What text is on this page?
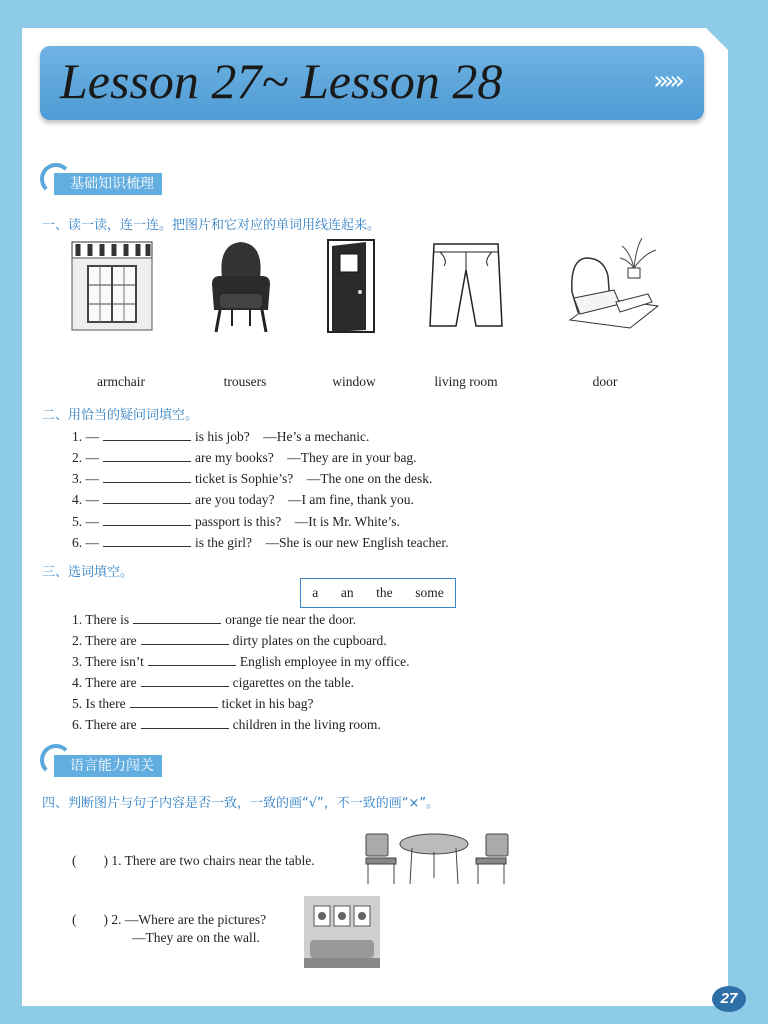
Lesson 27~ Lesson 28	›››››
基础知识梳理
一、读一读，连一连。把图片和它对应的单词用线连起来。
armchair	trousers	window	living room	door
二、用恰当的疑问词填空。
1. —	is his job?　—He’s a mechanic.
2. —	are my books?　—They are in your bag.
3. —	ticket is Sophie’s?　—The one on the desk.
4. —	are you today?　—I am fine, thank you.
5. —	passport is this?　—It is Mr. White’s.
6. —	is the girl?　—She is our new English teacher.
三、选词填空。
a an the some
1. There is	orange tie near the door.
2. There are	dirty plates on the cupboard.
3. There isn’t	English employee in my office.
4. There are	cigarettes on the table.
5. Is there	ticket in his bag?
6. There are	children in the living room.
语言能力闯关
四、判断图片与句子内容是否一致，一致的画“√”，不一致的画“×”。
(　　) 1. There are two chairs near the table.
(　　) 2. —Where are the pictures?
—They are on the wall.
27
